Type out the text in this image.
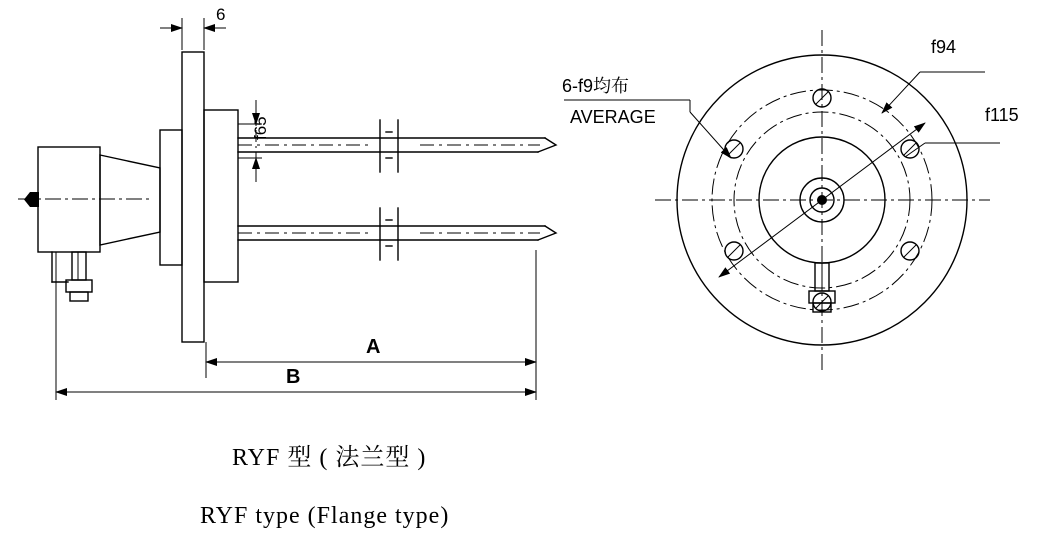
6
f65
A
B
6-f9均布
AVERAGE
f94
f115
RYF 型 ( 法兰型 )
RYF type (Flange type)
